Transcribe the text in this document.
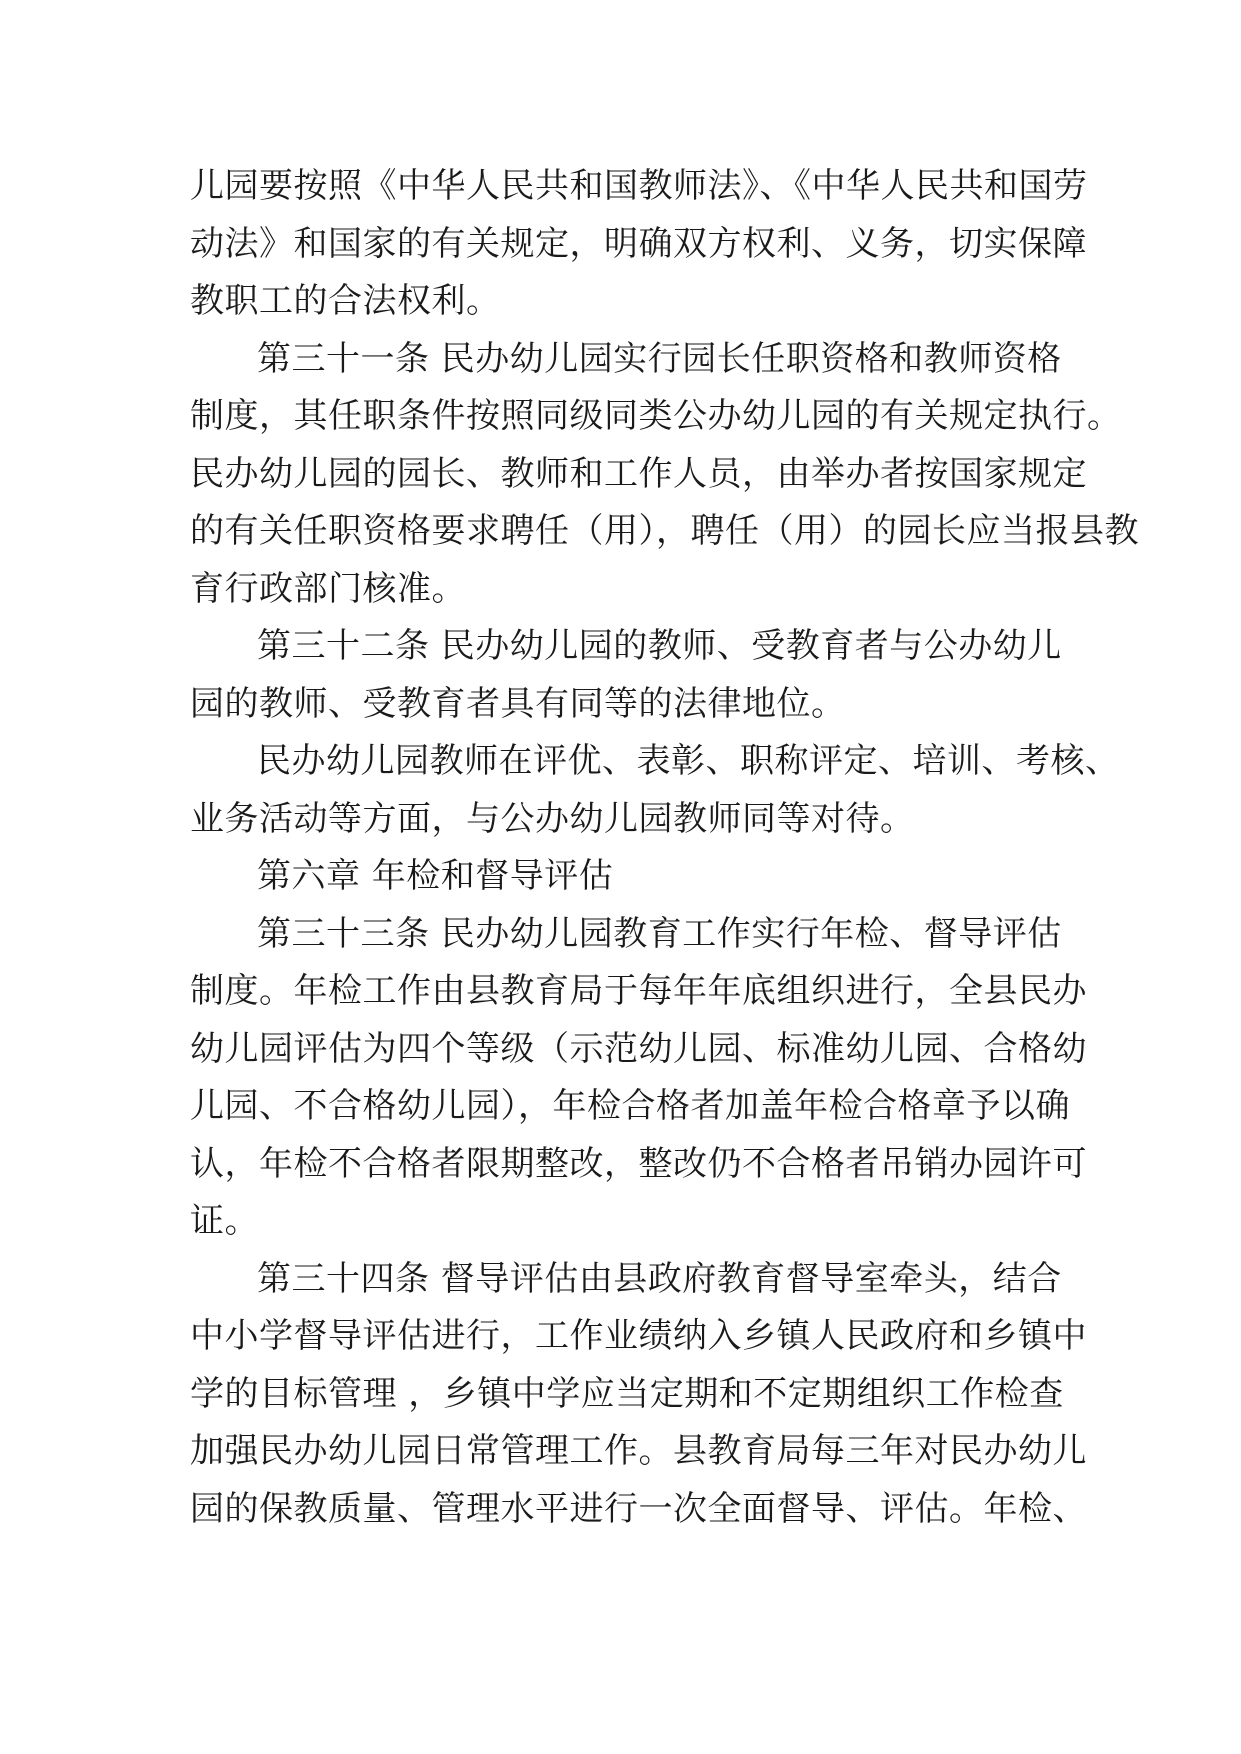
儿园要按照《中华人民共和国教师法》、《中华人民共和国劳
动法》和国家的有关规定，明确双方权利、义务，切实保障
教职工的合法权利。
第三十一条 民办幼儿园实行园长任职资格和教师资格
制度，其任职条件按照同级同类公办幼儿园的有关规定执行。
民办幼儿园的园长、教师和工作人员，由举办者按国家规定
的有关任职资格要求聘任（用），聘任（用）的园长应当报县教
育行政部门核准。
第三十二条 民办幼儿园的教师、受教育者与公办幼儿
园的教师、受教育者具有同等的法律地位。
民办幼儿园教师在评优、表彰、职称评定、培训、考核、
业务活动等方面，与公办幼儿园教师同等对待。
第六章 年检和督导评估
第三十三条 民办幼儿园教育工作实行年检、督导评估
制度。年检工作由县教育局于每年年底组织进行，全县民办
幼儿园评估为四个等级（示范幼儿园、标准幼儿园、合格幼
儿园、不合格幼儿园），年检合格者加盖年检合格章予以确
认，年检不合格者限期整改，整改仍不合格者吊销办园许可
证。
第三十四条 督导评估由县政府教育督导室牵头，结合
中小学督导评估进行，工作业绩纳入乡镇人民政府和乡镇中
学的目标管理 ，乡镇中学应当定期和不定期组织工作检查
加强民办幼儿园日常管理工作。县教育局每三年对民办幼儿
园的保教质量、管理水平进行一次全面督导、评估。年检、
